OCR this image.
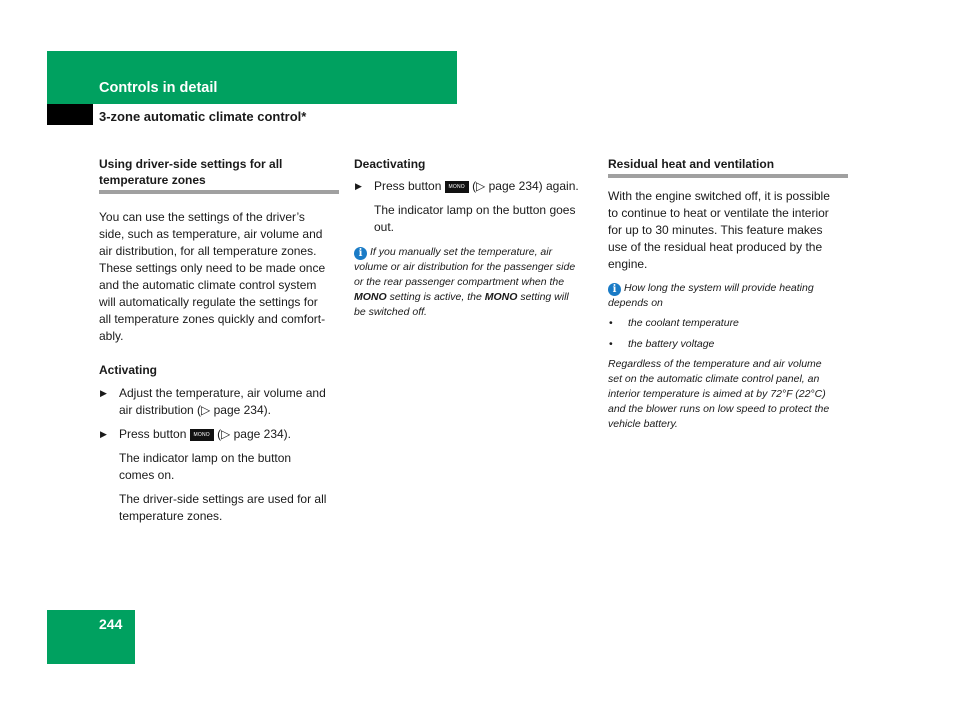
Controls in detail
3-zone automatic climate control*
Using driver-side settings for all
temperature zones

You can use the settings of the driver’s

side, such as temperature, air volume and

air distribution, for all temperature zones.

These settings only need to be made once

and the automatic climate control system

will automatically regulate the settings for

all temperature zones quickly and comfort-

ably.

Activating
▶ Adjust the temperature, air volume and

air distribution (▷ page 234).

▶ Press button MONO (▷ page 234).

The indicator lamp on the button

comes on.

The driver-side settings are used for all

temperature zones.

Deactivating
▶ Press button MONO (▷ page 234) again.

The indicator lamp on the button goes

out.

i If you manually set the temperature, air

volume or air distribution for the passenger side

or the rear passenger compartment when the

MONO setting is active, the MONO setting will

be switched off.

Residual heat and ventilation

With the engine switched off, it is possible

to continue to heat or ventilate the interior

for up to 30 minutes. This feature makes

use of the residual heat produced by the

engine.

i How long the system will provide heating

depends on

• the coolant temperature
• the battery voltage

Regardless of the temperature and air volume

set on the automatic climate control panel, an

interior temperature is aimed at by 72°F (22°C)

and the blower runs on low speed to protect the

vehicle battery.

244
